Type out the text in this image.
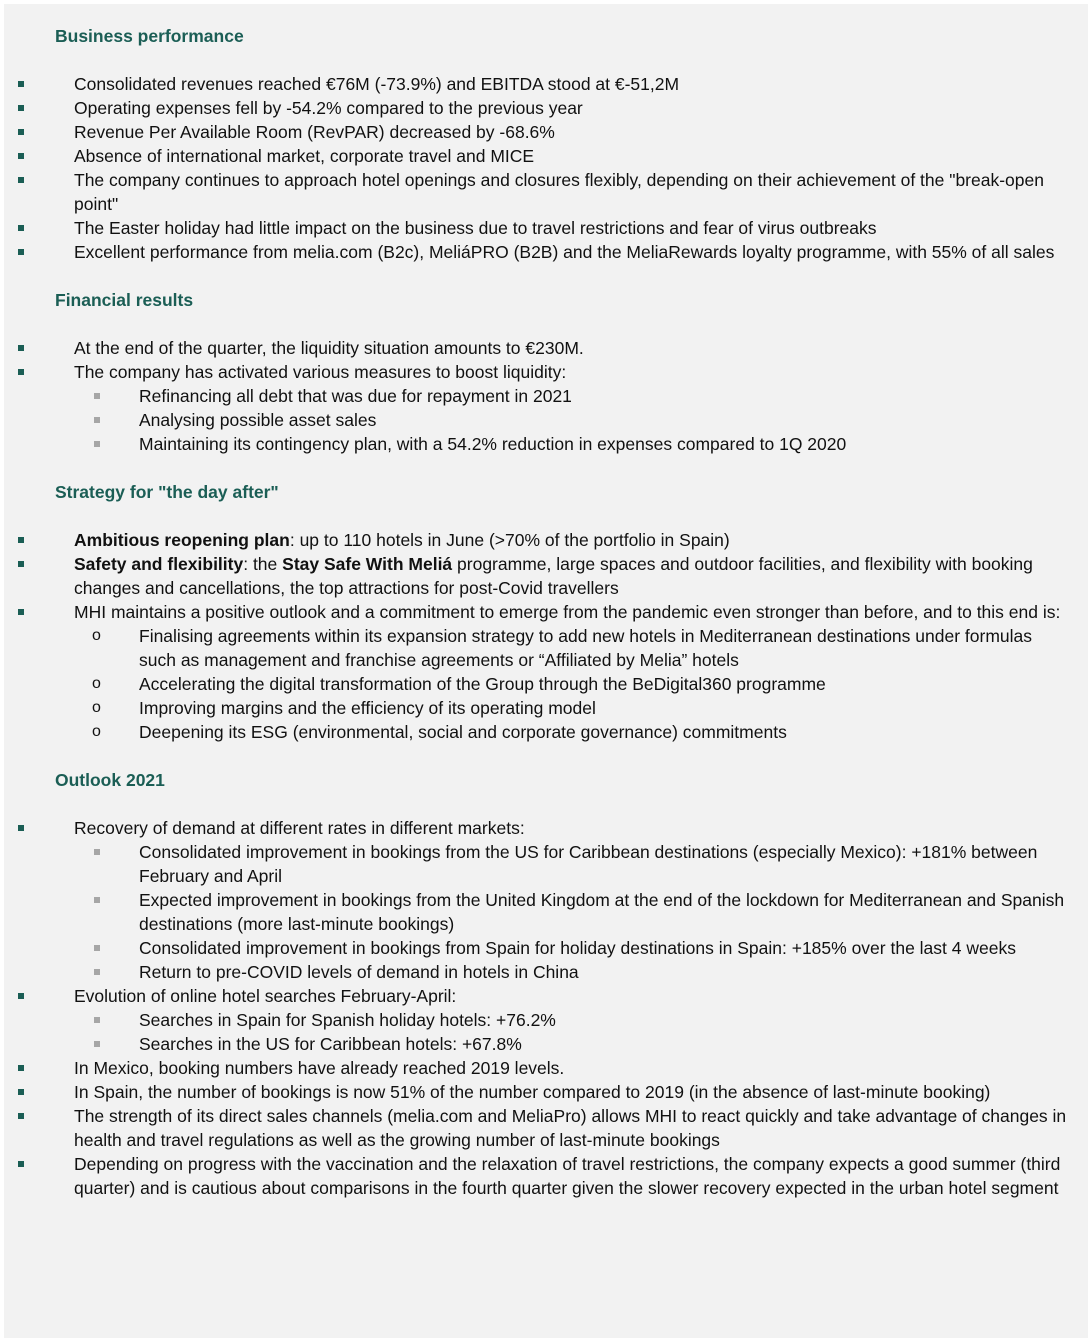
Business performance
Consolidated revenues reached €76M (-73.9%) and EBITDA stood at €-51,2M
Operating expenses fell by -54.2% compared to the previous year
Revenue Per Available Room (RevPAR) decreased by -68.6%
Absence of international market, corporate travel and MICE
The company continues to approach hotel openings and closures flexibly, depending on their achievement of the "break-open point"
The Easter holiday had little impact on the business due to travel restrictions and fear of virus outbreaks
Excellent performance from melia.com (B2c), MeliáPRO (B2B) and the MeliaRewards loyalty programme, with 55% of all sales
Financial results
At the end of the quarter, the liquidity situation amounts to €230M.
The company has activated various measures to boost liquidity:
Refinancing all debt that was due for repayment in 2021
Analysing possible asset sales
Maintaining its contingency plan, with a 54.2% reduction in expenses compared to 1Q 2020
Strategy for "the day after"
Ambitious reopening plan: up to 110 hotels in June (>70% of the portfolio in Spain)
Safety and flexibility: the Stay Safe With Meliá programme, large spaces and outdoor facilities, and flexibility with booking changes and cancellations, the top attractions for post-Covid travellers
MHI maintains a positive outlook and a commitment to emerge from the pandemic even stronger than before, and to this end is:
o Finalising agreements within its expansion strategy to add new hotels in Mediterranean destinations under formulas such as management and franchise agreements or “Affiliated by Melia” hotels
o Accelerating the digital transformation of the Group through the BeDigital360 programme
o Improving margins and the efficiency of its operating model
o Deepening its ESG (environmental, social and corporate governance) commitments
Outlook 2021
Recovery of demand at different rates in different markets:
Consolidated improvement in bookings from the US for Caribbean destinations (especially Mexico): +181% between February and April
Expected improvement in bookings from the United Kingdom at the end of the lockdown for Mediterranean and Spanish destinations (more last-minute bookings)
Consolidated improvement in bookings from Spain for holiday destinations in Spain: +185% over the last 4 weeks
Return to pre-COVID levels of demand in hotels in China
Evolution of online hotel searches February-April:
Searches in Spain for Spanish holiday hotels: +76.2%
Searches in the US for Caribbean hotels: +67.8%
In Mexico, booking numbers have already reached 2019 levels.
In Spain, the number of bookings is now 51% of the number compared to 2019 (in the absence of last-minute booking)
The strength of its direct sales channels (melia.com and MeliaPro) allows MHI to react quickly and take advantage of changes in health and travel regulations as well as the growing number of last-minute bookings
Depending on progress with the vaccination and the relaxation of travel restrictions, the company expects a good summer (third quarter) and is cautious about comparisons in the fourth quarter given the slower recovery expected in the urban hotel segment
